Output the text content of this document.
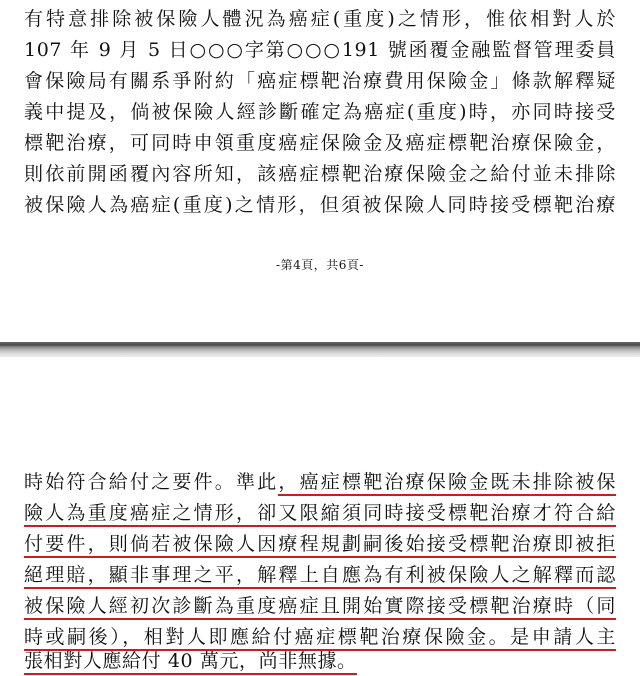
有特意排除被保險人體況為癌症(重度)之情形，惟依相對人於
107 年 9 月 5 日○○○字第○○○191 號函覆金融監督管理委員
會保險局有關系爭附約「癌症標靶治療費用保險金」條款解釋疑
義中提及，倘被保險人經診斷確定為癌症(重度)時，亦同時接受
標靶治療，可同時申領重度癌症保險金及癌症標靶治療保險金，
則依前開函覆內容所知，該癌症標靶治療保險金之給付並未排除
被保險人為癌症(重度)之情形，但須被保險人同時接受標靶治療
-第4頁，共6頁-
時始符合給付之要件。準此，癌症標靶治療保險金既未排除被保
險人為重度癌症之情形，卻又限縮須同時接受標靶治療才符合給
付要件，則倘若被保險人因療程規劃嗣後始接受標靶治療即被拒
絕理賠，顯非事理之平，解釋上自應為有利被保險人之解釋而認
被保險人經初次診斷為重度癌症且開始實際接受標靶治療時（同
時或嗣後），相對人即應給付癌症標靶治療保險金。是申請人主
張相對人應給付 40 萬元，尚非無據。
